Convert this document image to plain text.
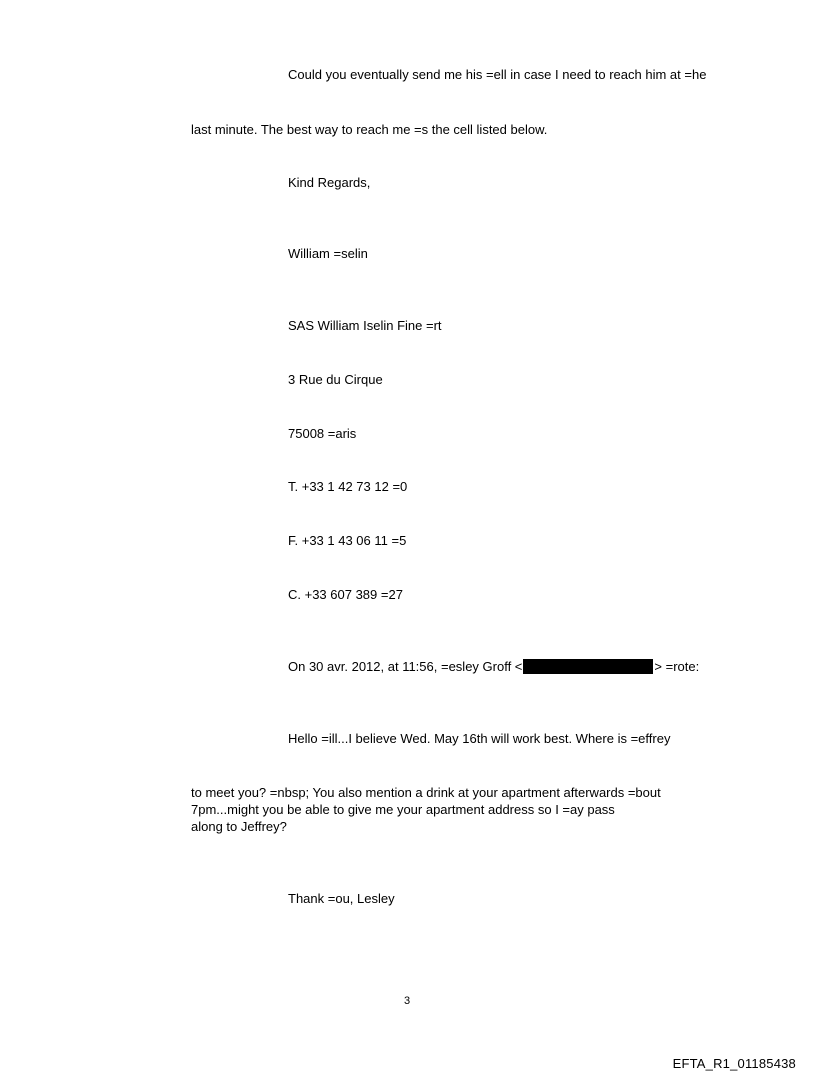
Could you eventually send me his =ell in case I need to reach him at =he
last minute. The best way to reach me =s the cell listed below.
Kind Regards,
William =selin
SAS William Iselin Fine =rt
3 Rue du Cirque
75008 =aris
T. +33 1 42 73 12 =0
F. +33 1 43 06 11 =5
C. +33 607 389 =27
On 30 avr. 2012, at 11:56, =esley Groff <	> =rote:
Hello =ill...I believe Wed. May 16th will work best. Where is =effrey
to meet you? =nbsp; You also mention a drink at your apartment afterwards =bout
7pm...might you be able to give me your apartment address so I =ay pass
along to Jeffrey?
Thank =ou, Lesley
3
EFTA_R1_01185438
